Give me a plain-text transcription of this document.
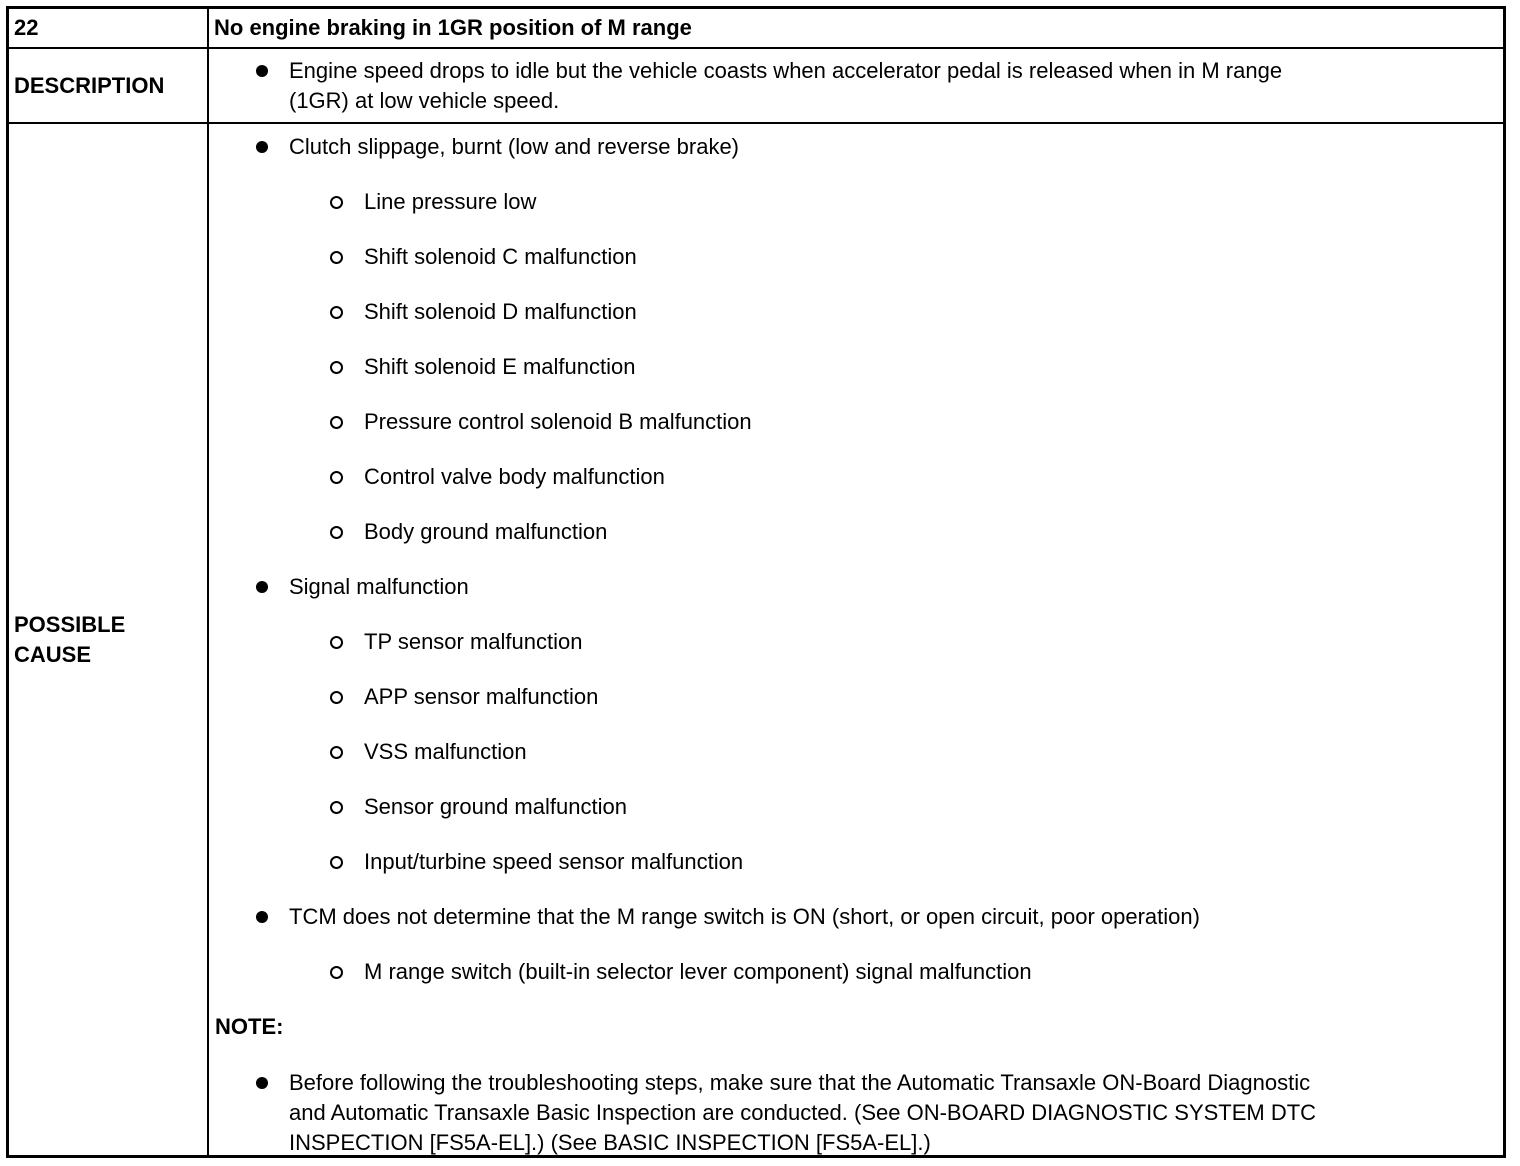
22	No engine braking in 1GR position of M range
DESCRIPTION
Engine speed drops to idle but the vehicle coasts when accelerator pedal is released when in M range
(1GR) at low vehicle speed.
POSSIBLE
CAUSE
Clutch slippage, burnt (low and reverse brake)
Line pressure low
Shift solenoid C malfunction
Shift solenoid D malfunction
Shift solenoid E malfunction
Pressure control solenoid B malfunction
Control valve body malfunction
Body ground malfunction
Signal malfunction
TP sensor malfunction
APP sensor malfunction
VSS malfunction
Sensor ground malfunction
Input/turbine speed sensor malfunction
TCM does not determine that the M range switch is ON (short, or open circuit, poor operation)
M range switch (built-in selector lever component) signal malfunction
NOTE:
Before following the troubleshooting steps, make sure that the Automatic Transaxle ON-Board Diagnostic
and Automatic Transaxle Basic Inspection are conducted. (See ON-BOARD DIAGNOSTIC SYSTEM DTC
INSPECTION [FS5A-EL].) (See BASIC INSPECTION [FS5A-EL].)
